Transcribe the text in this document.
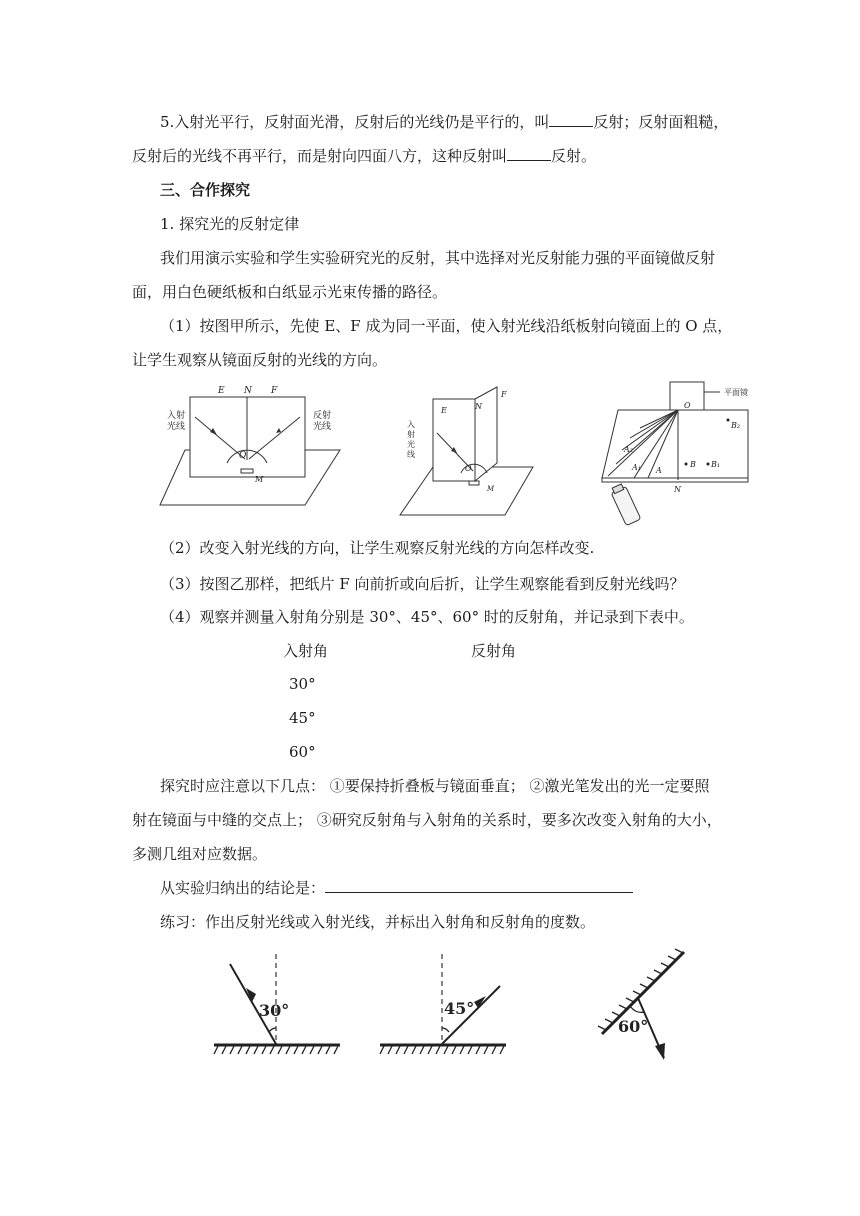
5.入射光平行，反射面光滑，反射后的光线仍是平行的，叫	反射；反射面粗糙，
反射后的光线不再平行，而是射向四面八方，这种反射叫	反射。
三、合作探究
1. 探究光的反射定律
我们用演示实验和学生实验研究光的反射，其中选择对光反射能力强的平面镜做反射
面，用白色硬纸板和白纸显示光束传播的路径。
（1）按图甲所示，先使 E、F 成为同一平面，使入射光线沿纸板射向镜面上的 O 点，
让学生观察从镜面反射的光线的方向。
E N F
O
M
入射光线
反射光线
E	N
F
O
M
入射光线
平面镜
O
N
A
A₁
A₂
B B₁
B₂
（2）改变入射光线的方向，让学生观察反射光线的方向怎样改变.
（3）按图乙那样，把纸片 F 向前折或向后折，让学生观察能看到反射光线吗？
（4）观察并测量入射角分别是 30°、45°、60° 时的反射角，并记录到下表中。
入射角	反射角
30°
45°
60°
探究时应注意以下几点： ①要保持折叠板与镜面垂直； ②激光笔发出的光一定要照
射在镜面与中缝的交点上； ③研究反射角与入射角的关系时，要多次改变入射角的大小，
多测几组对应数据。
从实验归纳出的结论是：
练习：作出反射光线或入射光线，并标出入射角和反射角的度数。
30°	45°
60°
